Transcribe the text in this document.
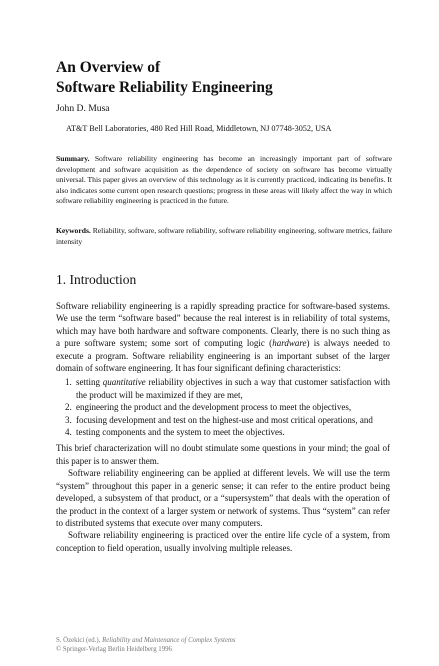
An Overview of
Software Reliability Engineering
John D. Musa
AT&T Bell Laboratories, 480 Red Hill Road, Middletown, NJ 07748-3052, USA
Summary. Software reliability engineering has become an increasingly important part of software development and software acquisition as the dependence of society on software has become virtually universal. This paper gives an overview of this technology as it is currently practiced, indicating its benefits. It also indicates some current open research questions; progress in these areas will likely affect the way in which software reliability engineering is practiced in the future.
Keywords. Reliability, software, software reliability, software reliability engineering, software metrics, failure intensity
1. Introduction

Software reliability engineering is a rapidly spreading practice for software-based systems. We use the term “software based” because the real interest is in reliability of total systems, which may have both hardware and software components. Clearly, there is no such thing as a pure software system; some sort of computing logic (hardware) is always needed to execute a program. Software reliability engineering is an important subset of the larger domain of software engineering. It has four significant defining characteristics:

1. setting quantitative reliability objectives in such a way that customer satisfaction with the product will be maximized if they are met,
2. engineering the product and the development process to meet the objectives,
3. focusing development and test on the highest-use and most critical operations, and
4. testing components and the system to meet the objectives.

This brief characterization will no doubt stimulate some questions in your mind; the goal of this paper is to answer them.

Software reliability engineering can be applied at different levels. We will use the term “system” throughout this paper in a generic sense; it can refer to the entire product being developed, a subsystem of that product, or a “supersystem” that deals with the operation of the product in the context of a larger system or network of systems. Thus “system” can refer to distributed systems that execute over many computers.

Software reliability engineering is practiced over the entire life cycle of a system, from conception to field operation, usually involving multiple releases.

S. Özekici (ed.), Reliability and Maintenance of Complex Systems
© Springer-Verlag Berlin Heidelberg 1996
